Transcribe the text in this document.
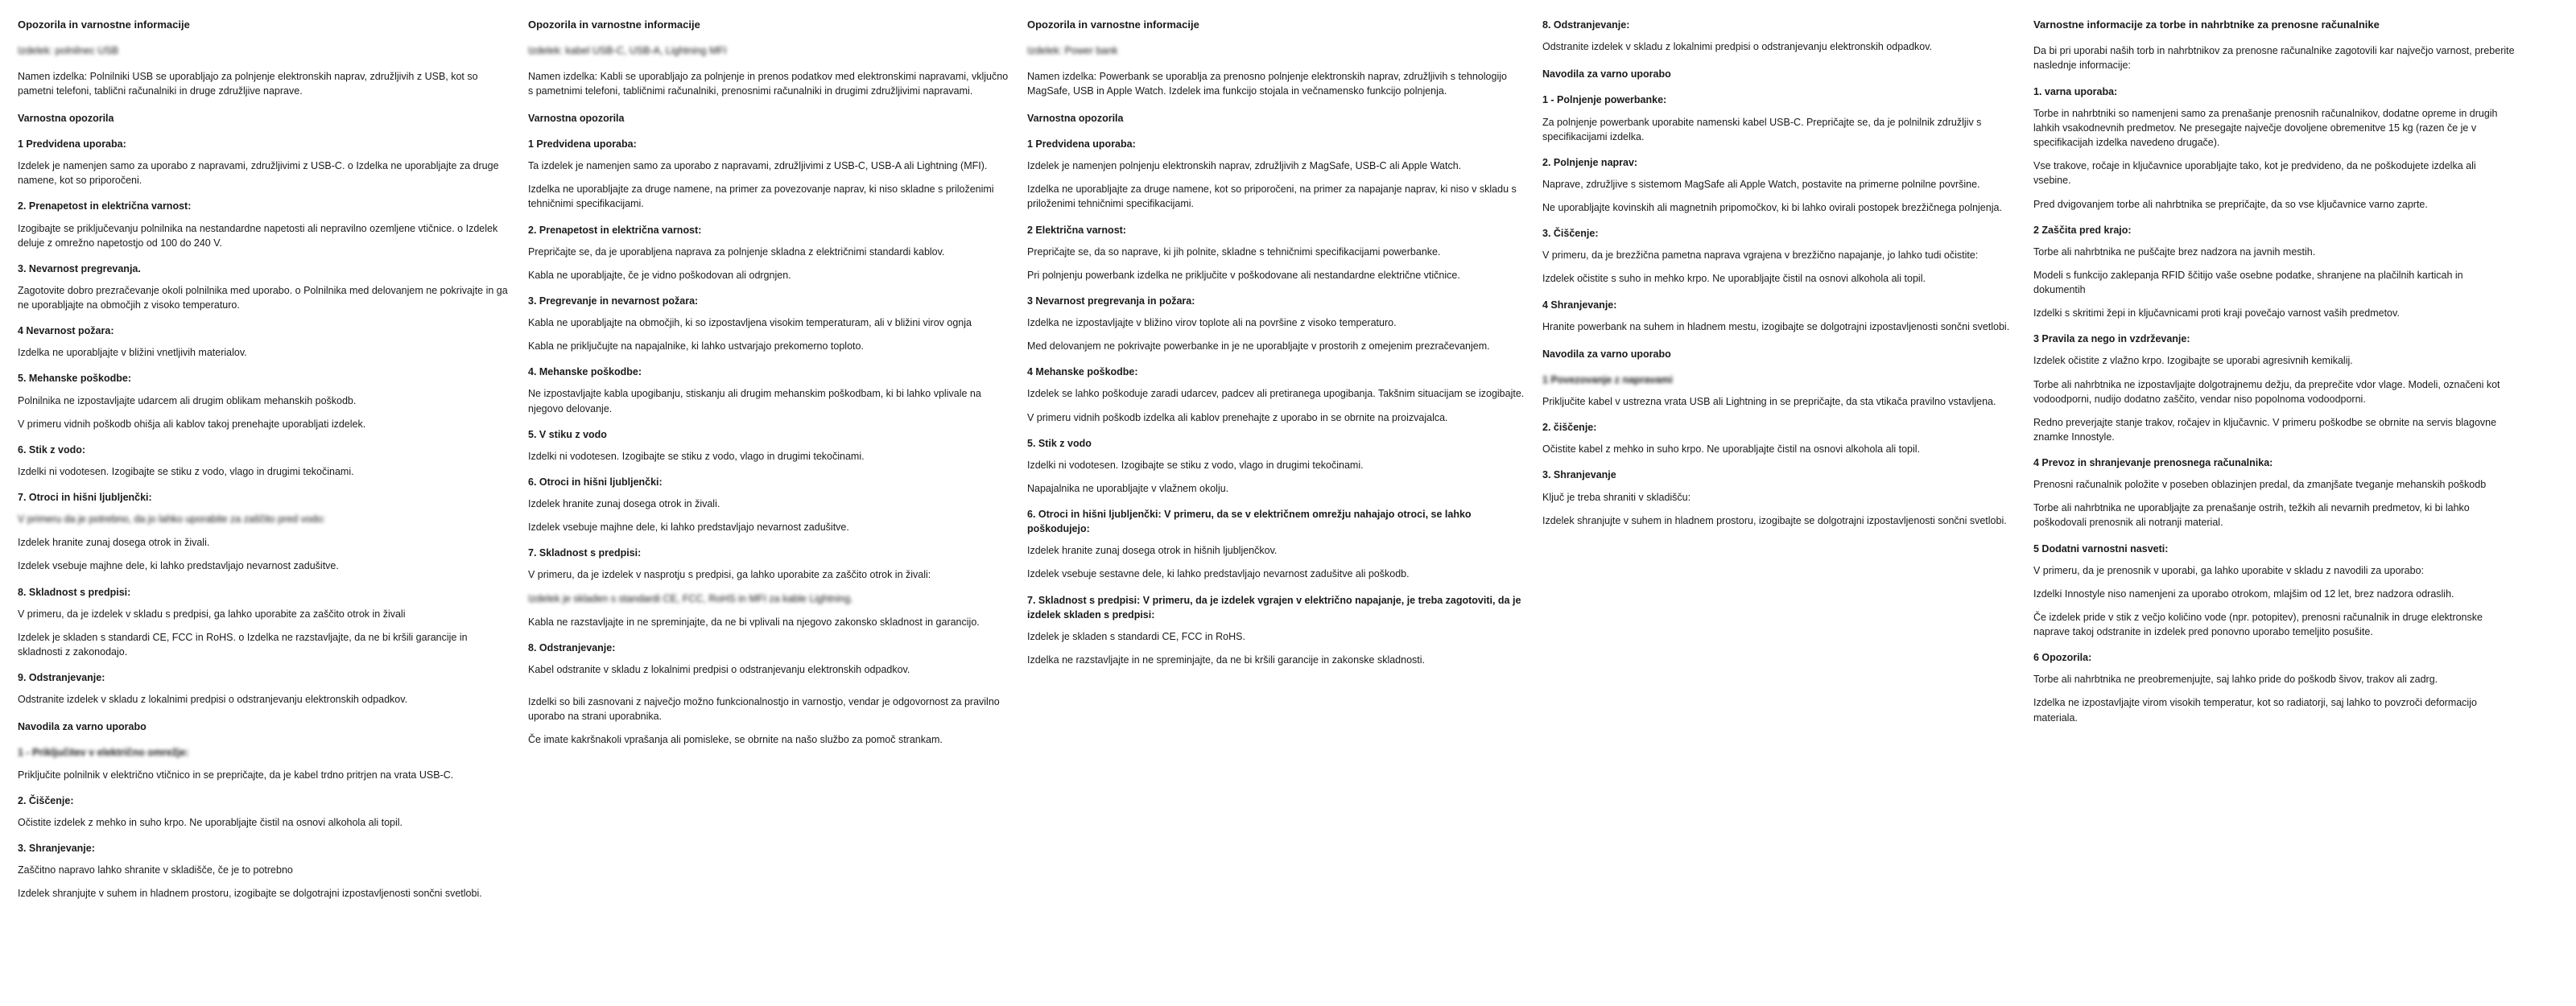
Opozorila in varnostne informacije
Izdelek: polnilnec USB

Namen izdelka: Polnilniki USB se uporabljajo za polnjenje elektronskih naprav, združljivih z USB, kot so pametni telefoni, tablični računalniki in druge združljive naprave.

Varnostna opozorila
1 Predvidena uporaba:

Izdelek je namenjen samo za uporabo z napravami, združljivimi z USB-C. o Izdelka ne uporabljajte za druge namene, kot so priporočeni.

2. Prenapetost in električna varnost:

Izogibajte se priključevanju polnilnika na nestandardne napetosti ali nepravilno ozemljene vtičnice. o Izdelek deluje z omrežno napetostjo od 100 do 240 V.

3. Nevarnost pregrevanja.

Zagotovite dobro prezračevanje okoli polnilnika med uporabo. o Polnilnika med delovanjem ne pokrivajte in ga ne uporabljajte na območjih z visoko temperaturo.

4 Nevarnost požara:

Izdelka ne uporabljajte v bližini vnetljivih materialov.

5. Mehanske poškodbe:

Polnilnika ne izpostavljajte udarcem ali drugim oblikam mehanskih poškodb.

V primeru vidnih poškodb ohišja ali kablov takoj prenehajte uporabljati izdelek.

6. Stik z vodo:

Izdelki ni vodotesen. Izogibajte se stiku z vodo, vlago in drugimi tekočinami.

7. Otroci in hišni ljubljenčki:

V primeru da je potrebno, da jo lahko uporabite za zaščito pred vodo:

Izdelek hranite zunaj dosega otrok in živali.

Izdelek vsebuje majhne dele, ki lahko predstavljajo nevarnost zadušitve.

8. Skladnost s predpisi:

V primeru, da je izdelek v skladu s predpisi, ga lahko uporabite za zaščito otrok in živali

Izdelek je skladen s standardi CE, FCC in RoHS. o Izdelka ne razstavljajte, da ne bi kršili garancije in skladnosti z zakonodajo.

9. Odstranjevanje:

Odstranite izdelek v skladu z lokalnimi predpisi o odstranjevanju elektronskih odpadkov.

Navodila za varno uporabo
1 - Priključitev v električno omrežje:

Priključite polnilnik v električno vtičnico in se prepričajte, da je kabel trdno pritrjen na vrata USB-C.

2. Čiščenje:

Očistite izdelek z mehko in suho krpo. Ne uporabljajte čistil na osnovi alkohola ali topil.

3. Shranjevanje:

Zaščitno napravo lahko shranite v skladišče, če je to potrebno

Izdelek shranjujte v suhem in hladnem prostoru, izogibajte se dolgotrajni izpostavljenosti sončni svetlobi.

Opozorila in varnostne informacije
Izdelek: kabel USB-C, USB-A, Lightning MFI

Namen izdelka: Kabli se uporabljajo za polnjenje in prenos podatkov med elektronskimi napravami, vključno s pametnimi telefoni, tabličnimi računalniki, prenosnimi računalniki in drugimi združljivimi napravami.

Varnostna opozorila
1 Predvidena uporaba:

Ta izdelek je namenjen samo za uporabo z napravami, združljivimi z USB-C, USB-A ali Lightning (MFI).

Izdelka ne uporabljajte za druge namene, na primer za povezovanje naprav, ki niso skladne s priloženimi tehničnimi specifikacijami.

2. Prenapetost in električna varnost:

Prepričajte se, da je uporabljena naprava za polnjenje skladna z električnimi standardi kablov.

Kabla ne uporabljajte, če je vidno poškodovan ali odrgnjen.

3. Pregrevanje in nevarnost požara:

Kabla ne uporabljajte na območjih, ki so izpostavljena visokim temperaturam, ali v bližini virov ognja

Kabla ne priključujte na napajalnike, ki lahko ustvarjajo prekomerno toploto.

4. Mehanske poškodbe:

Ne izpostavljajte kabla upogibanju, stiskanju ali drugim mehanskim poškodbam, ki bi lahko vplivale na njegovo delovanje.

5. V stiku z vodo

Izdelki ni vodotesen. Izogibajte se stiku z vodo, vlago in drugimi tekočinami.

6. Otroci in hišni ljubljenčki:

Izdelek hranite zunaj dosega otrok in živali.

Izdelek vsebuje majhne dele, ki lahko predstavljajo nevarnost zadušitve.

7. Skladnost s predpisi:

V primeru, da je izdelek v nasprotju s predpisi, ga lahko uporabite za zaščito otrok in živali:

Izdelek je skladen s standardi CE, FCC, RoHS in MFI za kable Lightning.

Kabla ne razstavljajte in ne spreminjajte, da ne bi vplivali na njegovo zakonsko skladnost in garancijo.

8. Odstranjevanje:

Kabel odstranite v skladu z lokalnimi predpisi o odstranjevanju elektronskih odpadkov.

Izdelki so bili zasnovani z največjo možno funkcionalnostjo in varnostjo, vendar je odgovornost za pravilno uporabo na strani uporabnika.

Če imate kakršnakoli vprašanja ali pomisleke, se obrnite na našo službo za pomoč strankam.

Opozorila in varnostne informacije
Izdelek: Power bank

Namen izdelka: Powerbank se uporablja za prenosno polnjenje elektronskih naprav, združljivih s tehnologijo MagSafe, USB in Apple Watch. Izdelek ima funkcijo stojala in večnamensko funkcijo polnjenja.

Varnostna opozorila
1 Predvidena uporaba:

Izdelek je namenjen polnjenju elektronskih naprav, združljivih z MagSafe, USB-C ali Apple Watch.

Izdelka ne uporabljajte za druge namene, kot so priporočeni, na primer za napajanje naprav, ki niso v skladu s priloženimi tehničnimi specifikacijami.

2 Električna varnost:

Prepričajte se, da so naprave, ki jih polnite, skladne s tehničnimi specifikacijami powerbanke.

Pri polnjenju powerbank izdelka ne priključite v poškodovane ali nestandardne električne vtičnice.

3 Nevarnost pregrevanja in požara:

Izdelka ne izpostavljajte v bližino virov toplote ali na površine z visoko temperaturo.

Med delovanjem ne pokrivajte powerbanke in je ne uporabljajte v prostorih z omejenim prezračevanjem.

4 Mehanske poškodbe:

Izdelek se lahko poškoduje zaradi udarcev, padcev ali pretiranega upogibanja. Takšnim situacijam se izogibajte.

V primeru vidnih poškodb izdelka ali kablov prenehajte z uporabo in se obrnite na proizvajalca.

5. Stik z vodo

Izdelki ni vodotesen. Izogibajte se stiku z vodo, vlago in drugimi tekočinami.

Napajalnika ne uporabljajte v vlažnem okolju.

6. Otroci in hišni ljubljenčki: V primeru, da se v električnem omrežju nahajajo otroci, se lahko poškodujejo:

Izdelek hranite zunaj dosega otrok in hišnih ljubljenčkov.

Izdelek vsebuje sestavne dele, ki lahko predstavljajo nevarnost zadušitve ali poškodb.

7. Skladnost s predpisi: V primeru, da je izdelek vgrajen v električno napajanje, je treba zagotoviti, da je izdelek skladen s predpisi:

Izdelek je skladen s standardi CE, FCC in RoHS.

Izdelka ne razstavljajte in ne spreminjajte, da ne bi kršili garancije in zakonske skladnosti.

8. Odstranjevanje:

Odstranite izdelek v skladu z lokalnimi predpisi o odstranjevanju elektronskih odpadkov.

Navodila za varno uporabo
1 - Polnjenje powerbanke:

Za polnjenje powerbank uporabite namenski kabel USB-C. Prepričajte se, da je polnilnik združljiv s specifikacijami izdelka.

2. Polnjenje naprav:

Naprave, združljive s sistemom MagSafe ali Apple Watch, postavite na primerne polnilne površine.

Ne uporabljajte kovinskih ali magnetnih pripomočkov, ki bi lahko ovirali postopek brezžičnega polnjenja.

3. Čiščenje:

V primeru, da je brezžična pametna naprava vgrajena v brezžično napajanje, jo lahko tudi očistite:

Izdelek očistite s suho in mehko krpo. Ne uporabljajte čistil na osnovi alkohola ali topil.

4 Shranjevanje:

Hranite powerbank na suhem in hladnem mestu, izogibajte se dolgotrajni izpostavljenosti sončni svetlobi.

Navodila za varno uporabo
1 Povezovanje z napravami

Priključite kabel v ustrezna vrata USB ali Lightning in se prepričajte, da sta vtikača pravilno vstavljena.

2. čiščenje:

Očistite kabel z mehko in suho krpo. Ne uporabljajte čistil na osnovi alkohola ali topil.

3. Shranjevanje

Ključ je treba shraniti v skladišču:

Izdelek shranjujte v suhem in hladnem prostoru, izogibajte se dolgotrajni izpostavljenosti sončni svetlobi.

Varnostne informacije za torbe in nahrbtnike za prenosne računalnike

Da bi pri uporabi naših torb in nahrbtnikov za prenosne računalnike zagotovili kar največjo varnost, preberite naslednje informacije:

1. varna uporaba:

Torbe in nahrbtniki so namenjeni samo za prenašanje prenosnih računalnikov, dodatne opreme in drugih lahkih vsakodnevnih predmetov. Ne presegajte največje dovoljene obremenitve 15 kg (razen če je v specifikacijah izdelka navedeno drugače).

Vse trakove, ročaje in ključavnice uporabljajte tako, kot je predvideno, da ne poškodujete izdelka ali vsebine.

Pred dvigovanjem torbe ali nahrbtnika se prepričajte, da so vse ključavnice varno zaprte.

2 Zaščita pred krajo:

Torbe ali nahrbtnika ne puščajte brez nadzora na javnih mestih.

Modeli s funkcijo zaklepanja RFID ščitijo vaše osebne podatke, shranjene na plačilnih karticah in dokumentih

Izdelki s skritimi žepi in ključavnicami proti kraji povečajo varnost vaših predmetov.

3 Pravila za nego in vzdrževanje:

Izdelek očistite z vlažno krpo. Izogibajte se uporabi agresivnih kemikalij.

Torbe ali nahrbtnika ne izpostavljajte dolgotrajnemu dežju, da preprečite vdor vlage. Modeli, označeni kot vodoodporni, nudijo dodatno zaščito, vendar niso popolnoma vodoodporni.

Redno preverjajte stanje trakov, ročajev in ključavnic. V primeru poškodbe se obrnite na servis blagovne znamke Innostyle.

4 Prevoz in shranjevanje prenosnega računalnika:

Prenosni računalnik položite v poseben oblazinjen predal, da zmanjšate tveganje mehanskih poškodb

Torbe ali nahrbtnika ne uporabljajte za prenašanje ostrih, težkih ali nevarnih predmetov, ki bi lahko poškodovali prenosnik ali notranji material.

5 Dodatni varnostni nasveti:

V primeru, da je prenosnik v uporabi, ga lahko uporabite v skladu z navodili za uporabo:

Izdelki Innostyle niso namenjeni za uporabo otrokom, mlajšim od 12 let, brez nadzora odraslih.

Če izdelek pride v stik z večjo količino vode (npr. potopitev), prenosni računalnik in druge elektronske naprave takoj odstranite in izdelek pred ponovno uporabo temeljito posušite.

6 Opozorila:

Torbe ali nahrbtnika ne preobremenjujte, saj lahko pride do poškodb šivov, trakov ali zadrg.

Izdelka ne izpostavljajte virom visokih temperatur, kot so radiatorji, saj lahko to povzroči deformacijo materiala.
